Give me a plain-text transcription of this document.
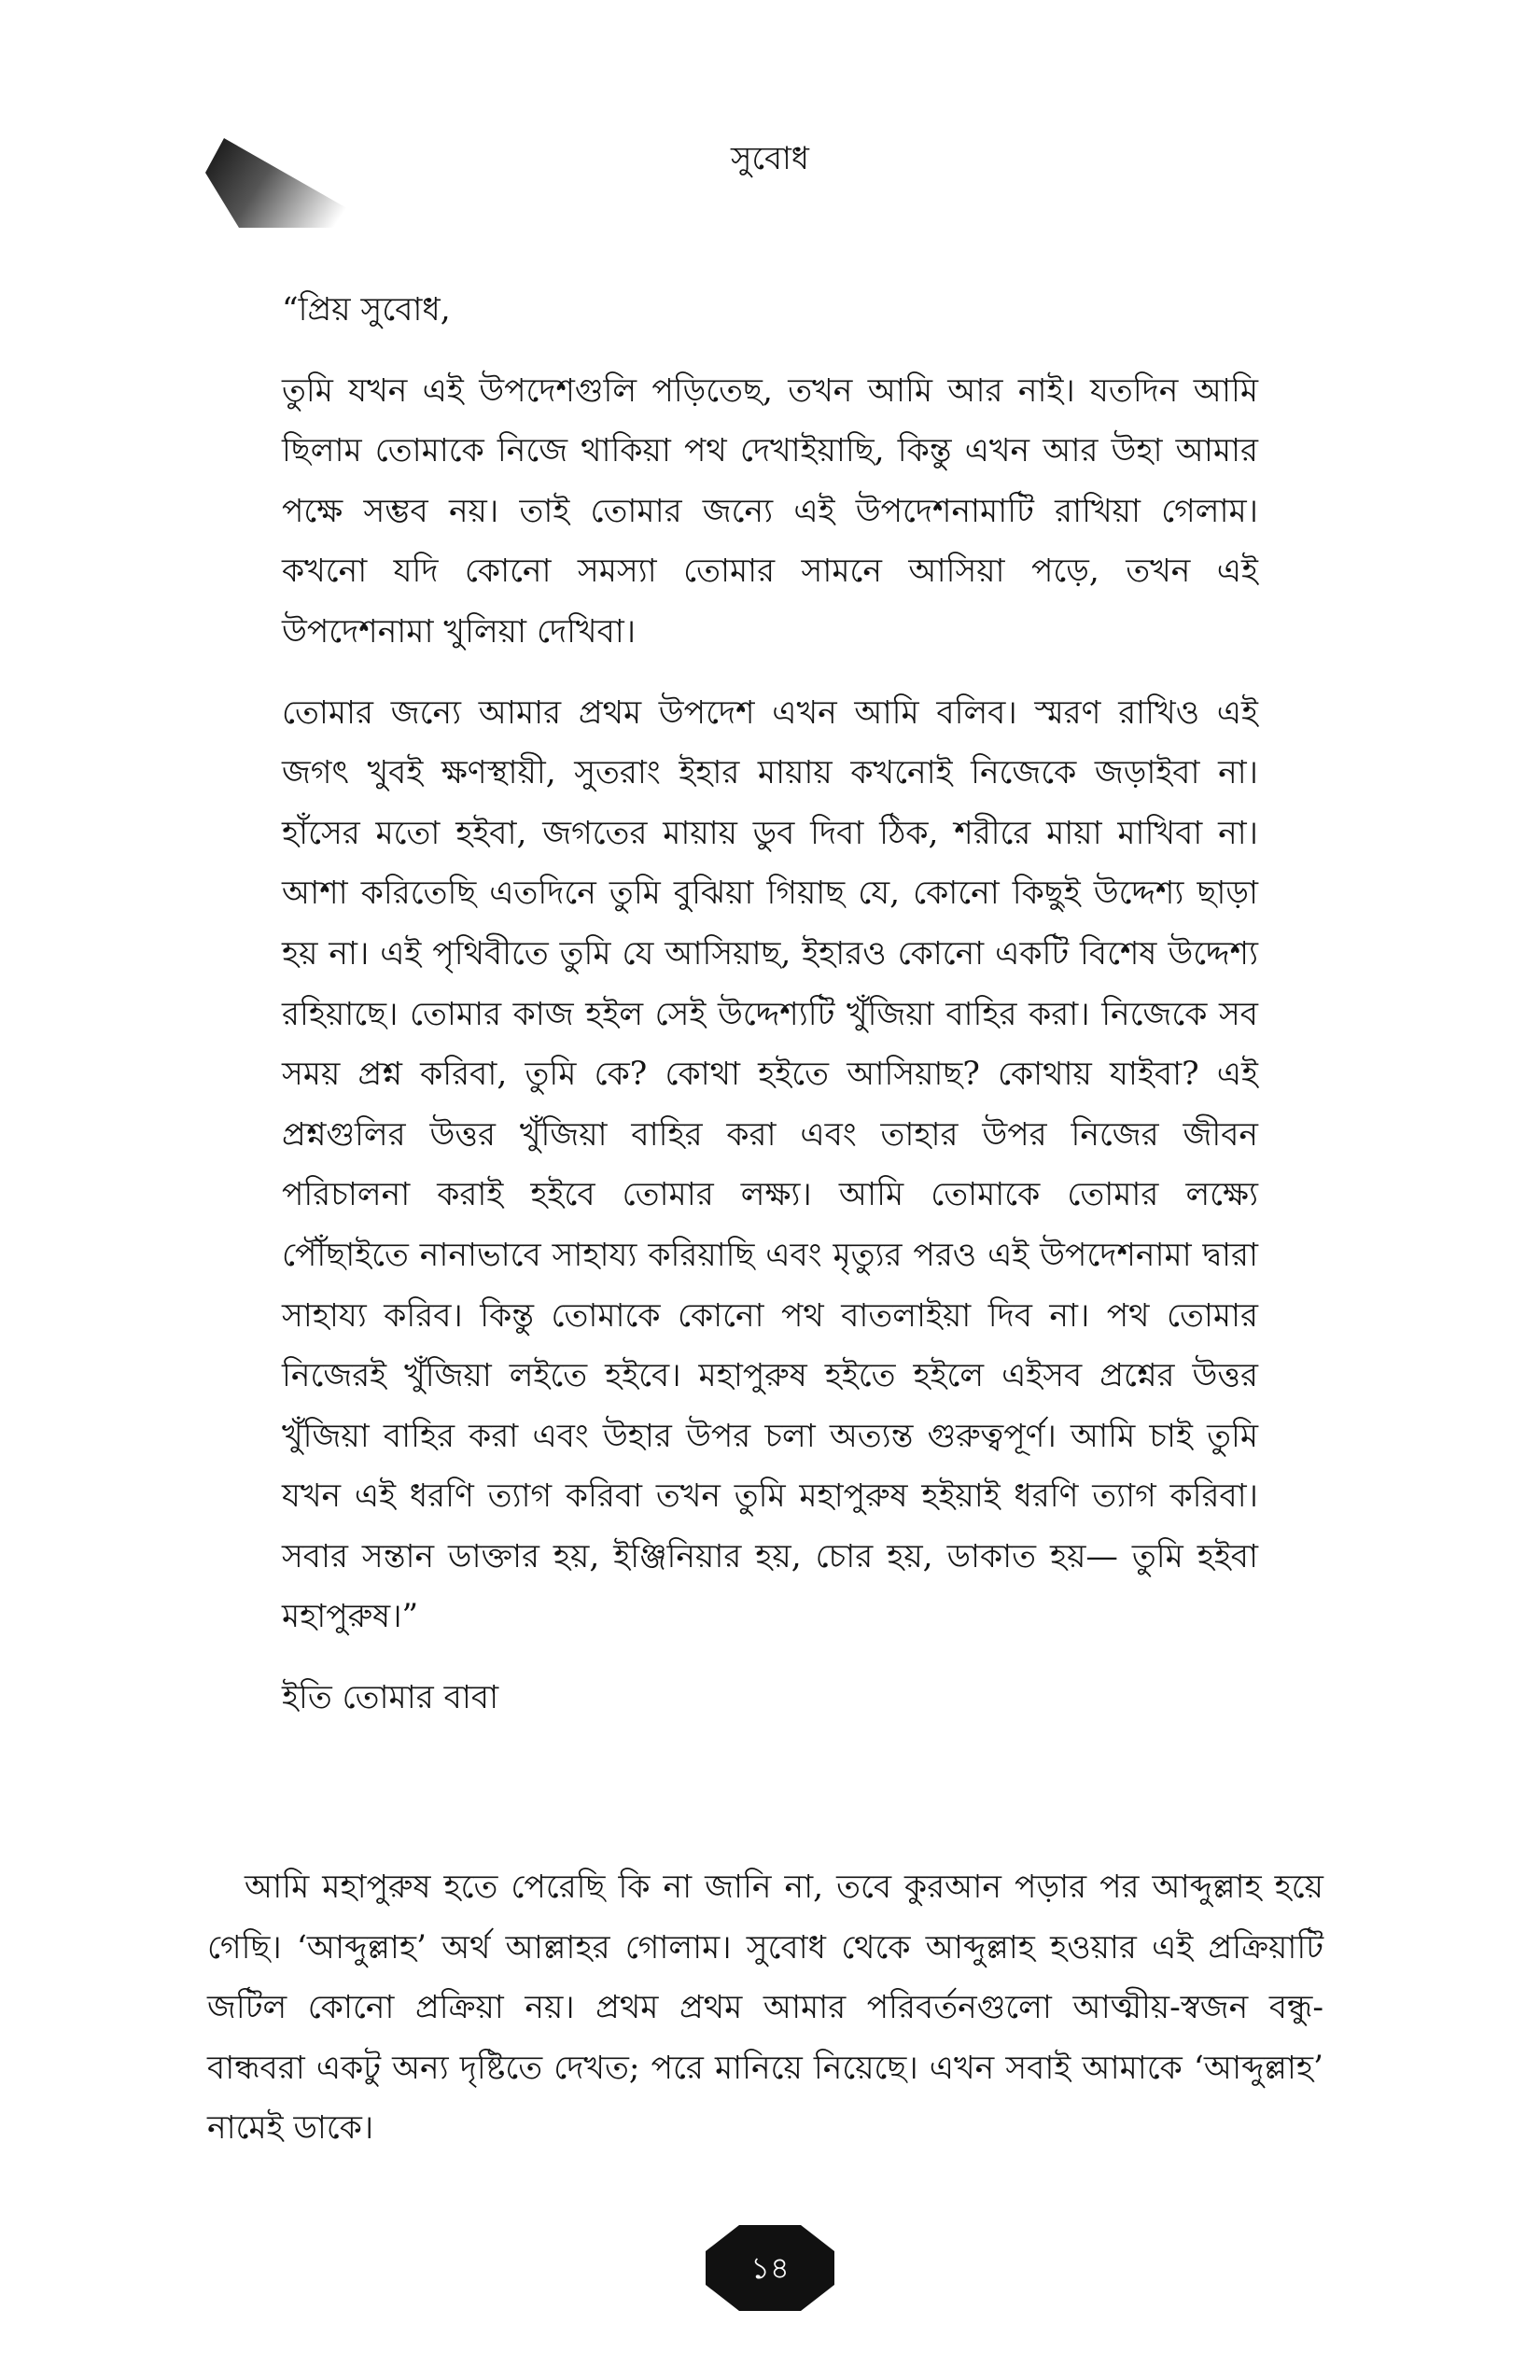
সুবোধ

“প্রিয় সুবোধ,

তুমি যখন এই উপদেশগুলি পড়িতেছ, তখন আমি আর নাই। যতদিন আমি ছিলাম তোমাকে নিজে থাকিয়া পথ দেখাইয়াছি, কিন্তু এখন আর উহা আমার পক্ষে সম্ভব নয়। তাই তোমার জন্যে এই উপদেশনামাটি রাখিয়া গেলাম। কখনো যদি কোনো সমস্যা তোমার সামনে আসিয়া পড়ে, তখন এই উপদেশনামা খুলিয়া দেখিবা।

তোমার জন্যে আমার প্রথম উপদেশ এখন আমি বলিব। স্মরণ রাখিও এই জগৎ খুবই ক্ষণস্থায়ী, সুতরাং ইহার মায়ায় কখনোই নিজেকে জড়াইবা না। হাঁসের মতো হইবা, জগতের মায়ায় ডুব দিবা ঠিক, শরীরে মায়া মাখিবা না। আশা করিতেছি এতদিনে তুমি বুঝিয়া গিয়াছ যে, কোনো কিছুই উদ্দেশ্য ছাড়া হয় না। এই পৃথিবীতে তুমি যে আসিয়াছ, ইহারও কোনো একটি বিশেষ উদ্দেশ্য রহিয়াছে। তোমার কাজ হইল সেই উদ্দেশ্যটি খুঁজিয়া বাহির করা। নিজেকে সব সময় প্রশ্ন করিবা, তুমি কে? কোথা হইতে আসিয়াছ? কোথায় যাইবা? এই প্রশ্নগুলির উত্তর খুঁজিয়া বাহির করা এবং তাহার উপর নিজের জীবন পরিচালনা করাই হইবে তোমার লক্ষ্য। আমি তোমাকে তোমার লক্ষ্যে পৌঁছাইতে নানাভাবে সাহায্য করিয়াছি এবং মৃত্যুর পরও এই উপদেশনামা দ্বারা সাহায্য করিব। কিন্তু তোমাকে কোনো পথ বাতলাইয়া দিব না। পথ তোমার নিজেরই খুঁজিয়া লইতে হইবে। মহাপুরুষ হইতে হইলে এইসব প্রশ্নের উত্তর খুঁজিয়া বাহির করা এবং উহার উপর চলা অত্যন্ত গুরুত্বপূর্ণ। আমি চাই তুমি যখন এই ধরণি ত্যাগ করিবা তখন তুমি মহাপুরুষ হইয়াই ধরণি ত্যাগ করিবা। সবার সন্তান ডাক্তার হয়, ইঞ্জিনিয়ার হয়, চোর হয়, ডাকাত হয়— তুমি হইবা মহাপুরুষ।”

ইতি তোমার বাবা

আমি মহাপুরুষ হতে পেরেছি কি না জানি না, তবে কুরআন পড়ার পর আব্দুল্লাহ হয়ে গেছি। ‘আব্দুল্লাহ’ অর্থ আল্লাহর গোলাম। সুবোধ থেকে আব্দুল্লাহ হওয়ার এই প্রক্রিয়াটি জটিল কোনো প্রক্রিয়া নয়। প্রথম প্রথম আমার পরিবর্তনগুলো আত্মীয়-স্বজন বন্ধু-বান্ধবরা একটু অন্য দৃষ্টিতে দেখত; পরে মানিয়ে নিয়েছে। এখন সবাই আমাকে ‘আব্দুল্লাহ’ নামেই ডাকে।

১৪
